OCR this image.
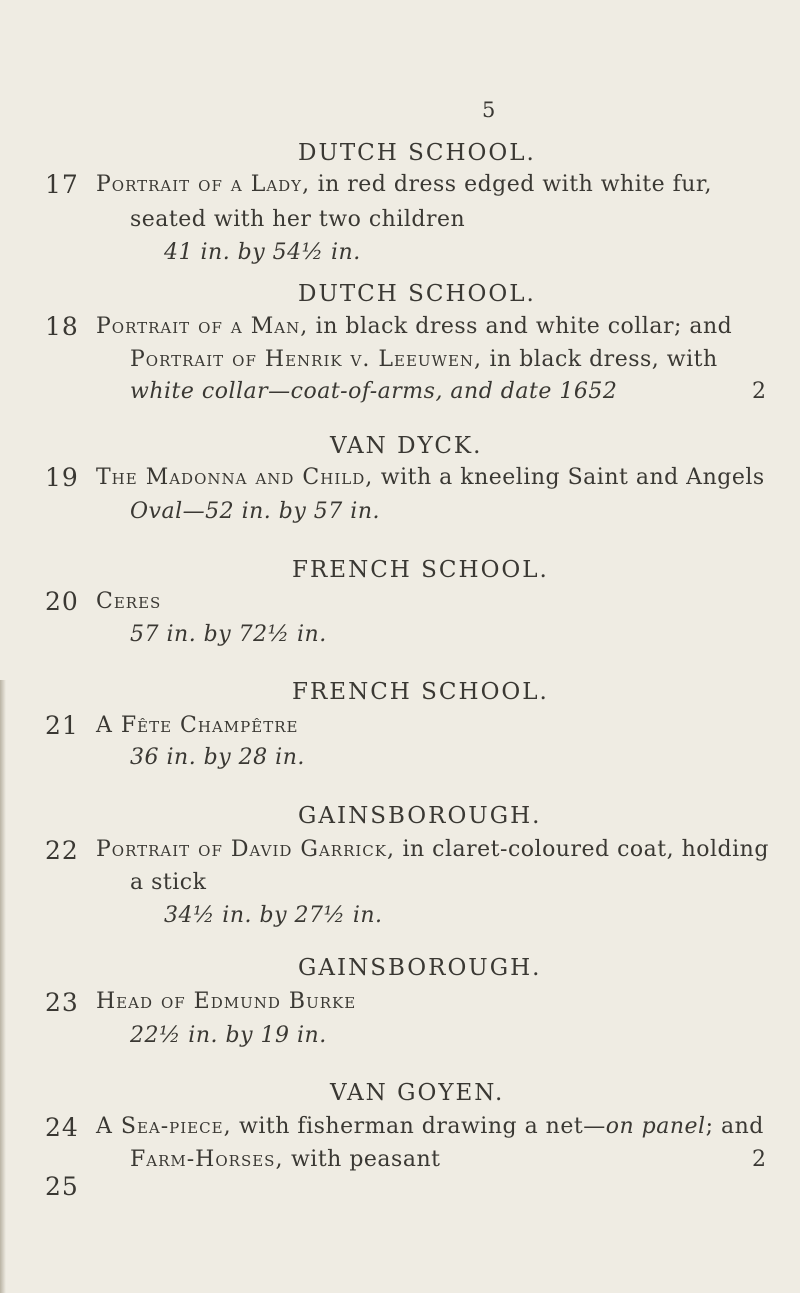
5
DUTCH SCHOOL.
17 Portrait of a Lady, in red dress edged with white fur,
seated with her two children
41 in. by 54½ in.
DUTCH SCHOOL.
18 Portrait of a Man, in black dress and white collar; and
Portrait of Henrik v. Leeuwen, in black dress, with
white collar—coat-of-arms, and date 1652	2
VAN DYCK.
19 The Madonna and Child, with a kneeling Saint and Angels
Oval—52 in. by 57 in.
FRENCH SCHOOL.
20 Ceres
57 in. by 72½ in.
FRENCH SCHOOL.
21 A Fête Champêtre
36 in. by 28 in.
GAINSBOROUGH.
22 Portrait of David Garrick, in claret-coloured coat, holding
a stick
34½ in. by 27½ in.
GAINSBOROUGH.
23 Head of Edmund Burke
22½ in. by 19 in.
VAN GOYEN.
24 A Sea-piece, with fisherman drawing a net—on panel; and
Farm-Horses, with peasant	2
25
